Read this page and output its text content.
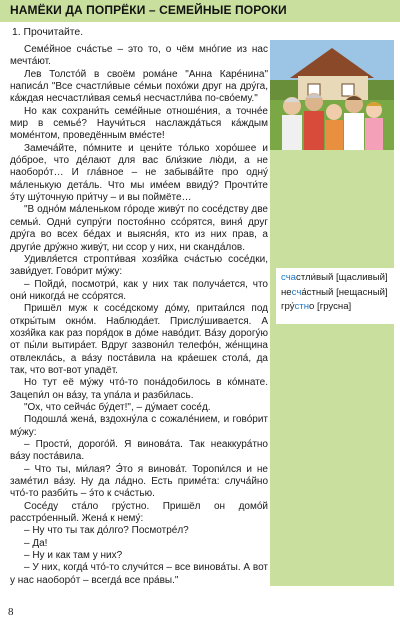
НАМЁКИ ДА ПОПРЁКИ – СЕМЕЙНЫЕ ПОРОКИ
1. Прочитайте.

Семе́йное сча́стье – это то, о чём мно́гие из нас мечта́ют.

Лев Толсто́й в своём рома́не "Анна Каре́нина" написа́л "Все счастли́вые се́мьи похо́жи друг на дру́га, ка́ждая несчастли́вая семья́ несчастли́ва по-сво́ему."

Но как сохрани́ть семе́йные отноше́ния, а точне́е мир в семье́? Научи́ться наслажда́ться ка́ждым моме́нтом, проведённым вме́сте!

Замеча́йте, по́мните и цени́те то́лько хоро́шее и до́брое, что де́лают для вас бли́зкие лю́ди, а не наоборо́т… И гла́вное – не забыва́йте про одну́ ма́ленькую дета́ль. Что мы име́ем ввиду́? Прочти́те э́ту шу́точную при́тчу – и вы поймёте…

"В одно́м ма́леньком го́роде живу́т по сосе́дству две семьи́. Одни́ супру́ги постоя́нно ссо́рятся, виня́ друг дру́га во всех бе́дах и выясня́я, кто из них прав, а други́е дру́жно живу́т, ни ссор у них, ни сканда́лов.

Удивля́ется стропти́вая хозя́йка сча́стью сосе́дки, зави́дует. Гово́рит му́жу:

– Пойди́, посмотри́, как у них так получа́ется, что они́ никогда́ не ссо́рятся.

Пришёл муж к сосе́дскому до́му, притаи́лся под откры́тым окно́м. Наблюда́ет. Прислу́шивается. А хозя́йка как раз поря́док в до́ме наво́дит. Ва́зу дорогу́ю от пы́ли вытира́ет. Вдруг зазвони́л телефо́н, же́нщина отвлекла́сь, а ва́зу поста́вила на кра́ешек стола́, да так, что вот-вот упадёт.

Но тут её му́жу что́-то пона́добилось в ко́мнате. Зацепи́л он ва́зу, та упа́ла и разби́лась.

"Ох, что сейча́с бу́дет!", – ду́мает сосе́д.

Подошла́ жена́, вздохну́ла с сожале́нием, и гово́рит му́жу:

– Прости́, дорого́й. Я винова́та. Так неаккура́тно ва́зу поста́вила.

– Что ты, ми́лая? Э́то я винова́т. Торопи́лся и не заме́тил ва́зу. Ну да ла́дно. Есть приме́та: случа́йно что́-то разби́ть – э́то к сча́стью.

Сосе́ду ста́ло гру́стно. Пришёл он домо́й расстро́енный. Жена́ к нему́:

– Ну что ты так до́лго? Посмотре́л?

– Да!

– Ну и как там у них?

– У них, когда́ что́-то случи́тся – все винова́ты. А вот у нас наоборо́т – всегда́ все пра́вы."

счастли́вый [щасливый]
несча́стный [нещасный]
гру́стно [груснa]
8
